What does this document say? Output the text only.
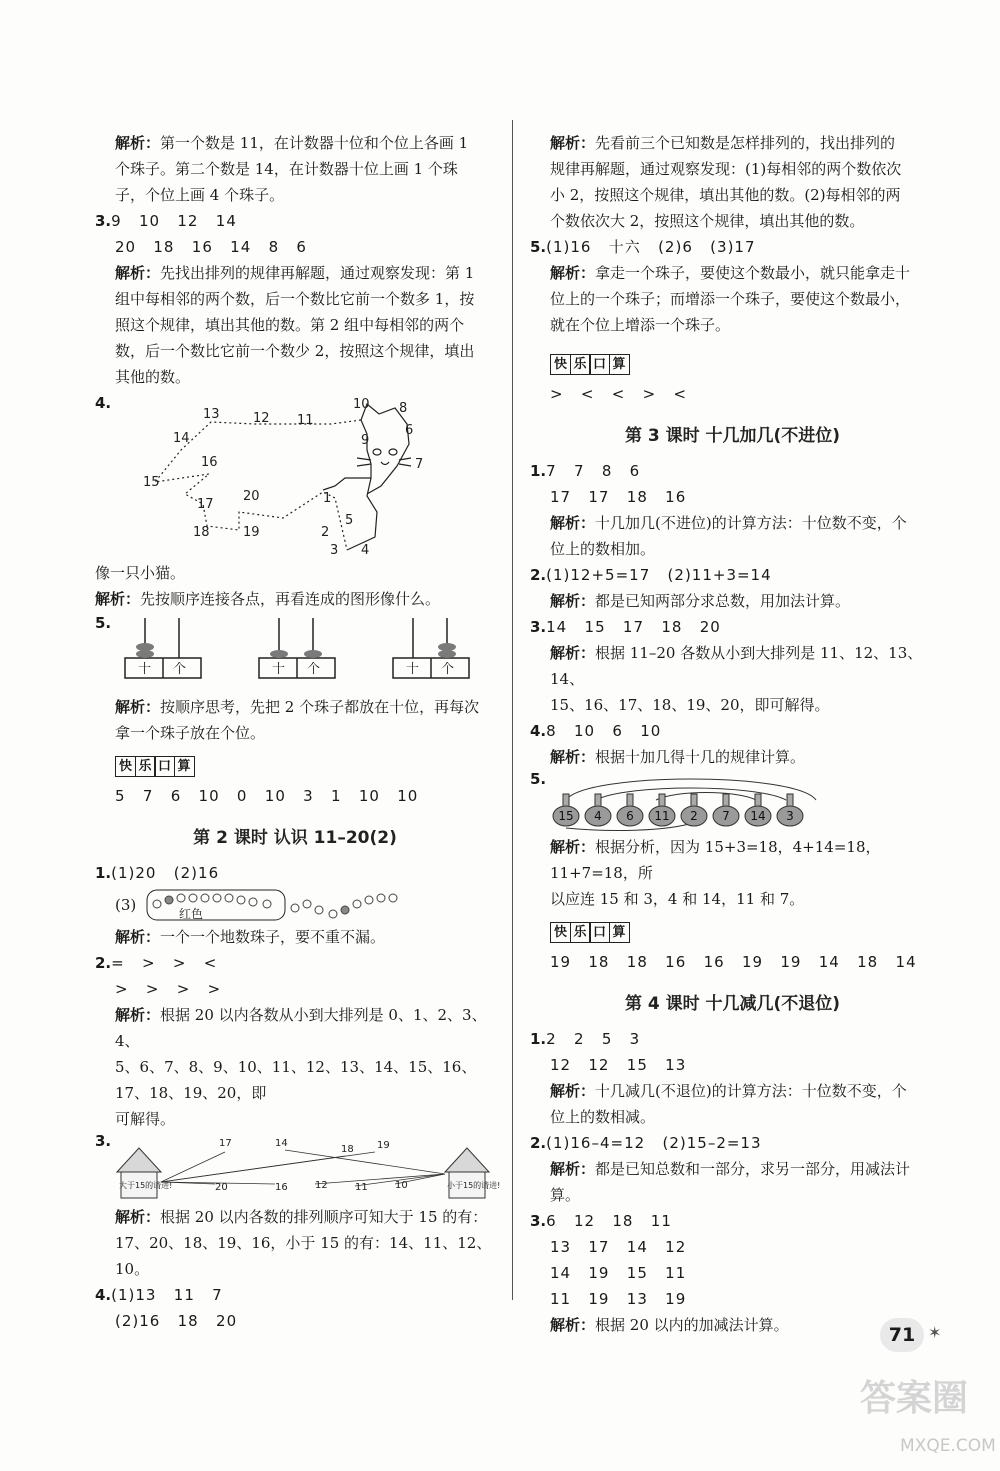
解析：第一个数是 11，在计数器十位和个位上各画 1
个珠子。第二个数是 14，在计数器十位上画 1 个珠
子，个位上画 4 个珠子。
3.9   10   12   14
20   18   16   14   8   6
解析：先找出排列的规律再解题，通过观察发现：第 1
组中每相邻的两个数，后一个数比它前一个数多 1，按
照这个规律，填出其他的数。第 2 组中每相邻的两个
数，后一个数比它前一个数少 2，按照这个规律，填出
其他的数。
4.
2
3 4
5
1
7
8
9
10
11
12
13
14
15
16
17
18	19
20
6
像一只小猫。
解析：先按顺序连接各点，再看连成的图形像什么。
5.
十 个	十 个	十 个
解析：按顺序思考，先把 2 个珠子都放在十位，再每次
拿一个珠子放在个位。
快 乐 口 算
5   7   6   10   0   10   3   1   10   10
第 2 课时 认识 11–20(2)
1.(1)20   (2)16

(3)

	红色

解析：一个一个地数珠子，要不重不漏。
2.=   >   >   <
>   >   >   >
解析：根据 20 以内各数从小到大排列是 0、1、2、3、4、
5、6、7、8、9、10、11、12、13、14、15、16、17、18、19、20，即
可解得。
3.	17	14
18 19
20	16	12	11	10
大于15的请进!	小于15的请进!
解析：根据 20 以内各数的排列顺序可知大于 15 的有：
17、20、18、19、16，小于 15 的有：14、11、12、10。
4.(1)13   11   7
(2)16   18   20
解析：先看前三个已知数是怎样排列的，找出排列的
规律再解题，通过观察发现：(1)每相邻的两个数依次
小 2，按照这个规律，填出其他的数。(2)每相邻的两
个数依次大 2，按照这个规律，填出其他的数。
5.(1)16   十六   (2)6   (3)17
解析：拿走一个珠子，要使这个数最小，就只能拿走十
位上的一个珠子；而增添一个珠子，要使这个数最小，
就在个位上增添一个珠子。
快 乐 口 算
>   <   <   >   <
第 3 课时 十几加几(不进位)
1.7   7   8   6
17   17   18   16
解析：十几加几(不进位)的计算方法：十位数不变，个
位上的数相加。
2.(1)12+5=17   (2)11+3=14
解析：都是已知两部分求总数，用加法计算。
3.14   15   17   18   20
解析：根据 11–20 各数从小到大排列是 11、12、13、14、
15、16、17、18、19、20，即可解得。
4.8   10   6   10
解析：根据十加几得十几的规律计算。
5.
15 4 6 11 2 7 14 3
解析：根据分析，因为 15+3=18，4+14=18，11+7=18，所
以应连 15 和 3，4 和 14，11 和 7。
快 乐 口 算
19   18   18   16   16   19   19   14   18   14
第 4 课时 十几减几(不退位)
1.2   2   5   3
12   12   15   13
解析：十几减几(不退位)的计算方法：十位数不变，个
位上的数相减。
2.(1)16–4=12   (2)15–2=13
解析：都是已知总数和一部分，求另一部分，用减法计算。
3.6   12   18   11
13   17   14   12
14   19   15   11
11   19   13   19
解析：根据 20 以内的加减法计算。	71 ✶
答案圈
MXQE.COM
